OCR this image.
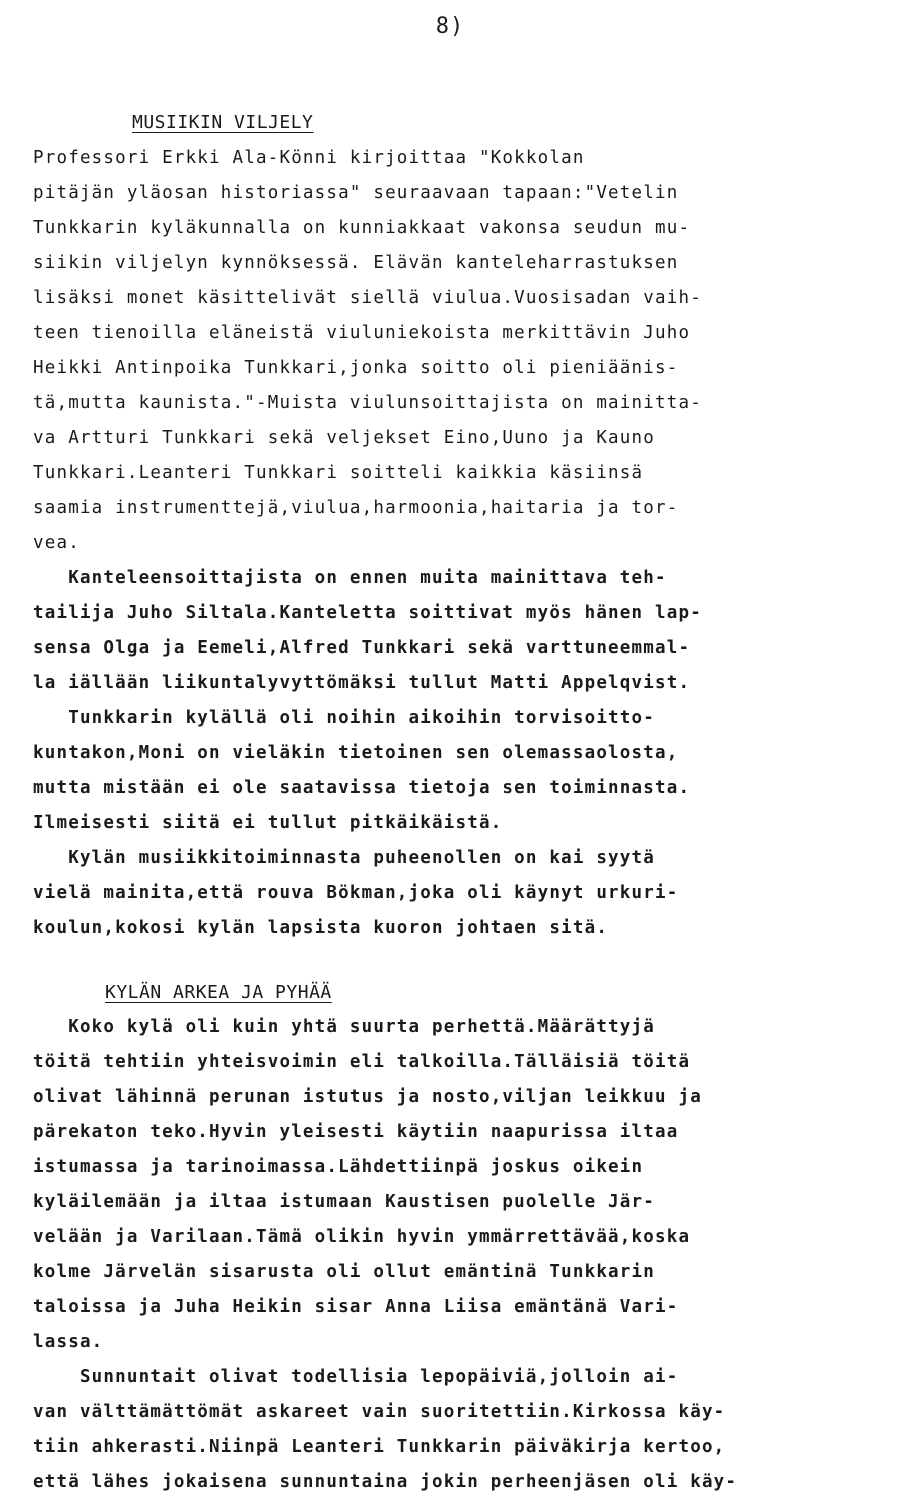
8)
MUSIIKIN VILJELY
KYLÄN ARKEA JA PYHÄÄ
Professori Erkki Ala-Könni kirjoittaa "Kokkolan
pitäjän yläosan historiassa" seuraavaan tapaan:"Vetelin
Tunkkarin kyläkunnalla on kunniakkaat vakonsa seudun mu-
siikin viljelyn kynnöksessä. Elävän kanteleharrastuksen
lisäksi monet käsittelivät siellä viulua.Vuosisadan vaih-
teen tienoilla eläneistä viuluniekoista merkittävin Juho
Heikki Antinpoika Tunkkari,jonka soitto oli pieniäänis-
tä,mutta kaunista."-Muista viulunsoittajista on mainitta-
va Artturi Tunkkari sekä veljekset Eino,Uuno ja Kauno
Tunkkari.Leanteri Tunkkari soitteli kaikkia käsiinsä
saamia instrumenttejä,viulua,harmoonia,haitaria ja tor-
vea.
Kanteleensoittajista on ennen muita mainittava teh-
tailija Juho Siltala.Kanteletta soittivat myös hänen lap-
sensa Olga ja Eemeli,Alfred Tunkkari sekä varttuneemmal-
la iällään liikuntalyvyttömäksi tullut Matti Appelqvist.
Tunkkarin kylällä oli noihin aikoihin torvisoitto-
kuntakon,Moni on vieläkin tietoinen sen olemassaolosta,
mutta mistään ei ole saatavissa tietoja sen toiminnasta.
Ilmeisesti siitä ei tullut pitkäikäistä.
Kylän musiikkitoiminnasta puheenollen on kai syytä
vielä mainita,että rouva Bökman,joka oli käynyt urkuri-
koulun,kokosi kylän lapsista kuoron johtaen sitä.
Koko kylä oli kuin yhtä suurta perhettä.Määrättyjä
töitä tehtiin yhteisvoimin eli talkoilla.Tälläisiä töitä
olivat lähinnä perunan istutus ja nosto,viljan leikkuu ja
pärekaton teko.Hyvin yleisesti käytiin naapurissa iltaa
istumassa ja tarinoimassa.Lähdettiinpä joskus oikein
kyläilemään ja iltaa istumaan Kaustisen puolelle Jär-
velään ja Varilaan.Tämä olikin hyvin ymmärrettävää,koska
kolme Järvelän sisarusta oli ollut emäntinä Tunkkarin
taloissa ja Juha Heikin sisar Anna Liisa emäntänä Vari-
lassa.
Sunnuntait olivat todellisia lepopäiviä,jolloin ai-
van välttämättömät askareet vain suoritettiin.Kirkossa käy-
tiin ahkerasti.Niinpä Leanteri Tunkkarin päiväkirja kertoo,
että lähes jokaisena sunnuntaina jokin perheenjäsen oli käy-
